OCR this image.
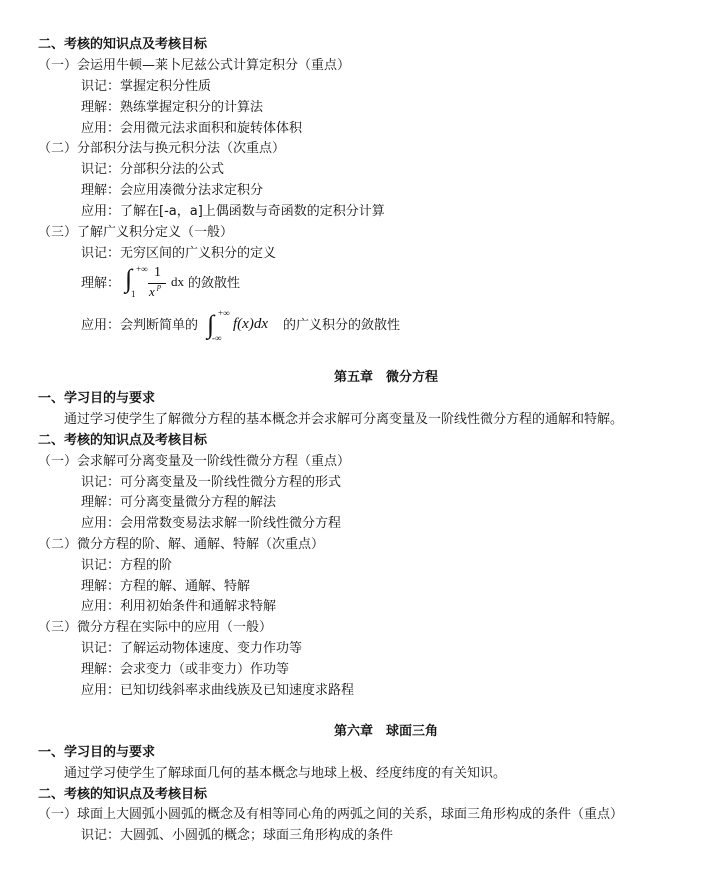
二、考核的知识点及考核目标
（一）会运用牛顿—莱卜尼兹公式计算定积分（重点）
识记：掌握定积分性质
理解：熟练掌握定积分的计算法
应用：会用微元法求面积和旋转体体积
（二）分部积分法与换元积分法（次重点）
识记：分部积分法的公式
理解：会应用凑微分法求定积分
应用：了解在[-a，a]上偶函数与奇函数的定积分计算
（三）了解广义积分定义（一般）
识记：无穷区间的广义积分的定义
理解： ∫ +∞
1
1
x p dx 的敛散性
应用：会判断简单的 ∫ +∞
-∞
f(x)dx 的广义积分的敛散性
第五章　微分方程
一、学习目的与要求
通过学习使学生了解微分方程的基本概念并会求解可分离变量及一阶线性微分方程的通解和特解。
二、考核的知识点及考核目标
（一）会求解可分离变量及一阶线性微分方程（重点）
识记：可分离变量及一阶线性微分方程的形式
理解：可分离变量微分方程的解法
应用：会用常数变易法求解一阶线性微分方程
（二）微分方程的阶、解、通解、特解（次重点）
识记：方程的阶
理解：方程的解、通解、特解
应用：利用初始条件和通解求特解
（三）微分方程在实际中的应用（一般）
识记：了解运动物体速度、变力作功等
理解：会求变力（或非变力）作功等
应用：已知切线斜率求曲线族及已知速度求路程
第六章　球面三角
一、学习目的与要求
通过学习使学生了解球面几何的基本概念与地球上极、经度纬度的有关知识。
二、考核的知识点及考核目标
（一）球面上大圆弧小圆弧的概念及有相等同心角的两弧之间的关系，球面三角形构成的条件（重点）
识记：大圆弧、小圆弧的概念；球面三角形构成的条件
